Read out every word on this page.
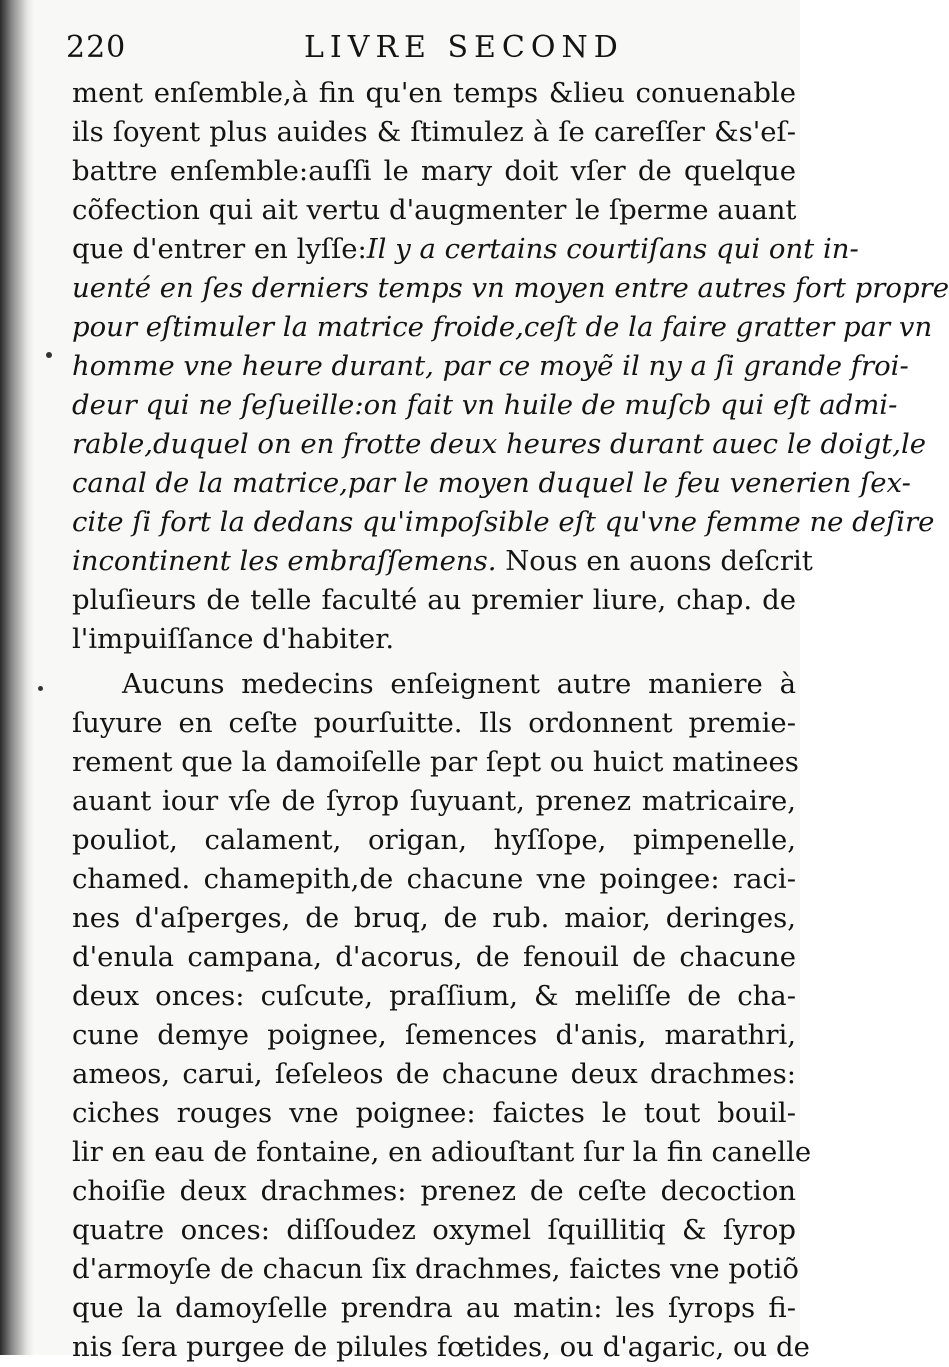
220	LIVRE SECOND
ment enſemble,à fin qu'en temps &lieu conuenable
ils ſoyent plus auides & ſtimulez à ſe careſſer &s'eſ-
battre enſemble:auſſi le mary doit vſer de quelque
cõfection qui ait vertu d'augmenter le ſperme auant
que d'entrer en lyſſe:Il y a certains courtiſans qui ont in-
uenté en ſes derniers temps vn moyen entre autres fort propre
pour eſtimuler la matrice froide,ceſt de la faire gratter par vn
homme vne heure durant, par ce moyẽ il ny a ſi grande froi-
deur qui ne ſeſueille:on fait vn huile de muſcb qui eſt admi-
rable,duquel on en frotte deux heures durant auec le doigt,le
canal de la matrice,par le moyen duquel le feu venerien ſex-
cite ſi fort la dedans qu'impoſsible eſt qu'vne femme ne deſire
incontinent les embraſſemens. Nous en auons deſcrit
pluſieurs de telle faculté au premier liure, chap. de
l'impuiſſance d'habiter.
Aucuns medecins enſeignent autre maniere à
ſuyure en ceſte pourſuitte. Ils ordonnent premie-
rement que la damoiſelle par ſept ou huict matinees
auant iour vſe de ſyrop ſuyuant, prenez matricaire,
pouliot, calament, origan, hyſſope, pimpenelle,
chamed. chamepith,de chacune vne poingee: raci-
nes d'aſperges, de bruq, de rub. maior, deringes,
d'enula campana, d'acorus, de fenouil de chacune
deux onces: cuſcute, praſſium, & meliſſe de cha-
cune demye poignee, ſemences d'anis, marathri,
ameos, carui, ſeſeleos de chacune deux drachmes:
ciches rouges vne poignee: faictes le tout bouil-
lir en eau de fontaine, en adiouſtant ſur la fin canelle
choiſie deux drachmes: prenez de ceſte decoction
quatre onces: diſſoudez oxymel ſquillitiq & ſyrop
d'armoyſe de chacun ſix drachmes, faictes vne potiõ
que la damoyſelle prendra au matin: les ſyrops fi-
nis ſera purgee de pilules fœtides, ou d'agaric, ou de
